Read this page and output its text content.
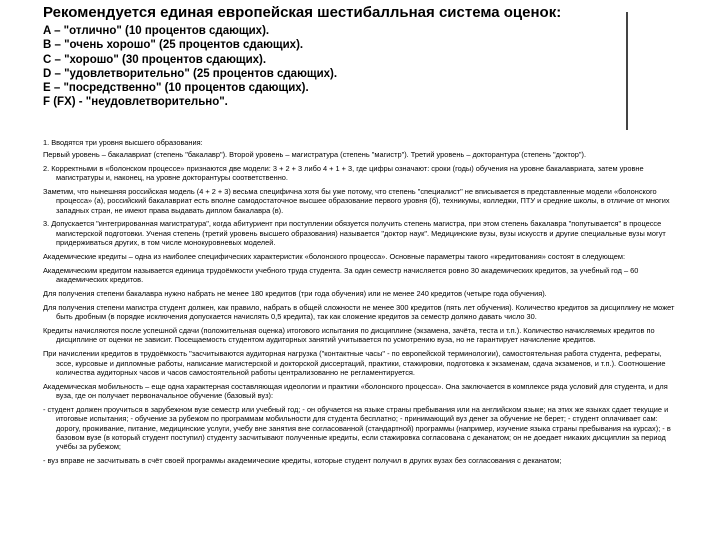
Рекомендуется единая европейская шестибалльная система оценок:
A – "отлично" (10 процентов сдающих).
B – "очень хорошо" (25 процентов сдающих).
C – "хорошо" (30 процентов сдающих).
D – "удовлетворительно" (25 процентов сдающих).
E – "посредственно" (10 процентов сдающих).
F (FX) - "неудовлетворительно".

1. Вводятся три уровня высшего образования:

Первый уровень – бакалавриат (степень "бакалавр"). Второй уровень – магистратура (степень "магистр"). Третий уровень – докторантура (степень "доктор").

2. Корректными в «болонском процессе» признаются две модели: 3 + 2 + 3 либо 4 + 1 + 3, где цифры означают: сроки (годы) обучения на уровне бакалавриата, затем уровне магистратуры и, наконец, на уровне докторантуры соответственно.

Заметим, что нынешняя российская модель (4 + 2 + 3) весьма специфична хотя бы уже потому, что степень "специалист" не вписывается в представленные модели «болонского процесса» (а), российский бакалавриат есть вполне самодостаточное высшее образование первого уровня (б), техникумы, колледжи, ПТУ и средние школы, в отличие от многих западных стран, не имеют права выдавать диплом бакалавра (в).

3. Допускается "интегрированная магистратура", когда абитуриент при поступлении обязуется получить степень магистра, при этом степень бакалавра "попутывается" в процессе магистерской подготовки. Ученая степень (третий уровень высшего образования) называется "доктор наук". Медицинские вузы, вузы искусств и другие специальные вузы могут придерживаться других, в том числе монокуровневых моделей.

Академические кредиты – одна из наиболее специфических характеристик «болонского процесса». Основные параметры такого «кредитования» состоят в следующем:

Академическим кредитом называется единица трудоёмкости учебного труда студента. За один семестр начисляется ровно 30 академических кредитов, за учебный год – 60 академических кредитов.

Для получения степени бакалавра нужно набрать не менее 180 кредитов (три года обучения) или не менее 240 кредитов (четыре года обучения).

Для получения степени магистра студент должен, как правило, набрать в общей сложности не менее 300 кредитов (пять лет обучения). Количество кредитов за дисциплину не может быть дробным (в порядке исключения допускается начислять 0,5 кредита), так как сложение кредитов за семестр должно давать число 30.

Кредиты начисляются после успешной сдачи (положительная оценка) итогового испытания по дисциплине (экзамена, зачёта, теста и т.п.). Количество начисляемых кредитов по дисциплине от оценки не зависит. Посещаемость студентом аудиторных занятий учитывается по усмотрению вуза, но не гарантирует начисление кредитов.

При начислении кредитов в трудоёмкость "засчитываются аудиторная нагрузка ("контактные часы" - по европейской терминологии), самостоятельная работа студента, рефераты, эссе, курсовые и дипломные работы, написание магистерской и докторской диссертаций, практики, стажировки, подготовка к экзаменам, сдача экзаменов, и т.п.). Соотношение количества аудиторных часов и часов самостоятельной работы централизованно не регламентируется.

Академическая мобильность – еще одна характерная составляющая идеологии и практики «болонского процесса». Она заключается в комплексе ряда условий для студента, и для вуза, где он получает первоначальное обучение (базовый вуз):

- студент должен проучиться в зарубежном вузе семестр или учебный год; - он обучается на языке страны пребывания или на английском языке; на этих же языках сдает текущие и итоговые испытания; - обучение за рубежом по программам мобильности для студента бесплатно; - принимающий вуз денег за обучение не берет; - студент оплачивает сам: дорогу, проживание, питание, медицинские услуги, учебу вне занятия вне согласованной (стандартной) программы (например, изучение языка страны пребывания на курсах); - в базовом вузе (в который студент поступил) студенту засчитывают полученные кредиты, если стажировка согласована с деканатом; он не доедает никаких дисциплин за период учёбы за рубежом;

- вуз вправе не засчитывать в счёт своей программы академические кредиты, которые студент получил в других вузах без согласования с деканатом;
